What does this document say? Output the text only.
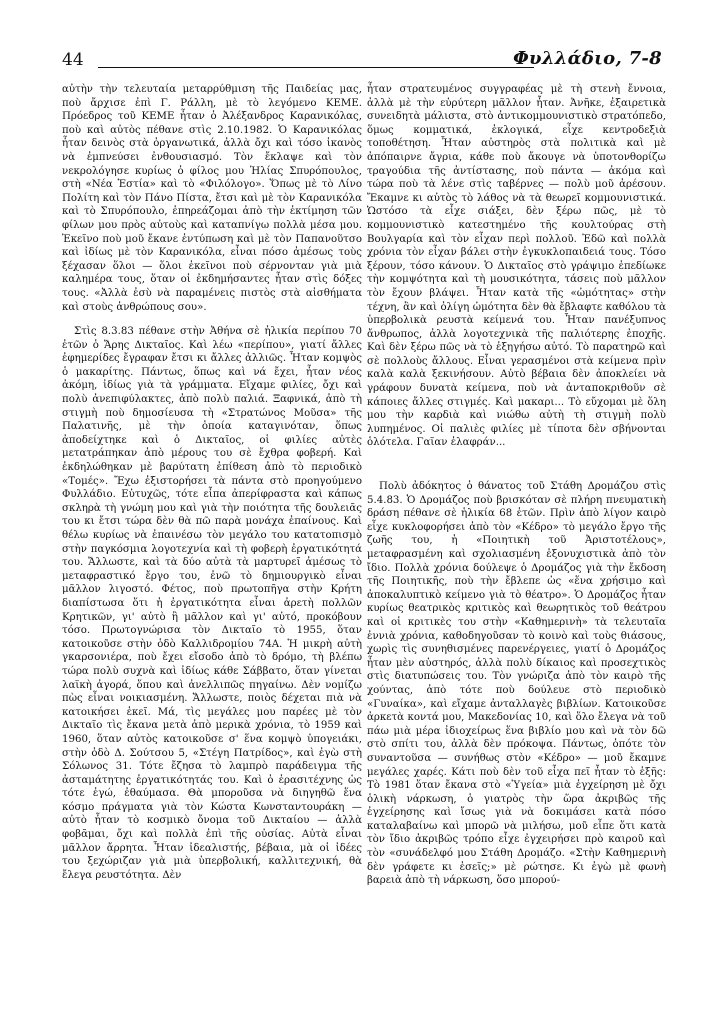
44	Φυλλάδιο, 7-8

αὐτὴν τὴν τελευταία μεταρρύθμιση τῆς Παιδείας μας, ποὺ ἄρχισε ἐπὶ Γ. Ράλλη, μὲ τὸ λεγόμενο ΚΕΜΕ. Πρόεδρος τοῦ ΚΕΜΕ ἦταν ὁ Ἀλέξανδρος Καρανικόλας, ποὺ καὶ αὐτὸς πέθανε στὶς 2.10.1982. Ὁ Καρανικόλας ἦταν δεινὸς στὰ ὀργανωτικά, ἀλλὰ ὄχι καὶ τόσο ἱκανὸς νὰ ἐμπνεύσει ἐνθουσιασμό. Τὸν ἔκλαψε καὶ τὸν νεκρολόγησε κυρίως ὁ φίλος μου Ἠλίας Σπυρόπουλος, στὴ «Νέα Ἑστία» καὶ τὸ «Φιλόλογο». Ὅπως μὲ τὸ Λίνο Πολίτη καὶ τὸν Πάνο Πίστα, ἔτσι καὶ μὲ τὸν Καρανικόλα καὶ τὸ Σπυρόπουλο, ἐπηρεάζομαι ἀπὸ τὴν ἐκτίμηση τῶν φίλων μου πρὸς αὐτοὺς καὶ καταπνίγω πολλὰ μέσα μου. Ἐκεῖνο ποὺ μοῦ ἔκανε ἐντύπωση καὶ μὲ τὸν Παπανοῦτσο καὶ ἰδίως μὲ τὸν Καρανικόλα, εἶναι πόσο ἀμέσως τοὺς ξέχασαν ὅλοι — ὅλοι ἐκεῖνοι ποὺ σέρνονταν γιὰ μιὰ καλημέρα τους, ὅταν οἱ ἐκδημήσαντες ἦταν στὶς δόξες τους. «Ἀλλὰ ἐσὺ νὰ παραμένεις πιστὸς στὰ αἰσθήματα καὶ στοὺς ἀνθρώπους σου».

Στὶς 8.3.83 πέθανε στὴν Ἀθήνα σὲ ἡλικία περίπου 70 ἐτῶν ὁ Ἄρης Δικταῖος. Καὶ λέω «περίπου», γιατί ἄλλες ἐφημερίδες ἔγραφαν ἔτσι κι ἄλλες ἀλλιῶς. Ἦταν κομψὸς ὁ μακαρίτης. Πάντως, ὅπως καὶ νά ἔχει, ἦταν νέος ἀκόμη, ἰδίως γιὰ τὰ γράμματα. Εἴχαμε φιλίες, ὄχι καὶ πολὺ ἀνεπιφύλακτες, ἀπὸ πολὺ παλιά. Ξαφνικά, ἀπὸ τὴ στιγμὴ ποὺ δημοσίευσα τὴ «Στρατώνος Μοῦσα» τῆς Παλατινῆς, μὲ τὴν ὁποία καταγινόταν, ὅπως ἀποδείχτηκε καὶ ὁ Δικταῖος, οἱ φιλίες αὐτὲς μετατράπηκαν ἀπὸ μέρους του σὲ ἔχθρα φοβερή. Καὶ ἐκδηλώθηκαν μὲ βαρύτατη ἐπίθεση ἀπὸ τὸ περιοδικὸ «Τομές». Ἔχω ἐξιστορήσει τὰ πάντα στὸ προηγούμενο Φυλλάδιο. Εὐτυχῶς, τότε εἶπα ἀπερίφραστα καὶ κάπως σκληρὰ τὴ γνώμη μου καὶ γιὰ τὴν ποιότητα τῆς δουλειᾶς του κι ἔτσι τώρα δὲν θὰ πῶ παρὰ μονάχα ἐπαίνους. Καὶ θέλω κυρίως νὰ ἐπαινέσω τὸν μεγάλο του κατατοπισμὸ στὴν παγκόσμια λογοτεχνία καὶ τὴ φοβερὴ ἐργατικότητά του. Ἄλλωστε, καὶ τὰ δύο αὐτὰ τὰ μαρτυρεῖ ἀμέσως τὸ μεταφραστικό ἔργο του, ἐνῶ τὸ δημιουργικὸ εἶναι μᾶλλον λιγοστό. Φέτος, ποὺ πρωτοπῆγα στὴν Κρήτη διαπίστωσα ὅτι ἡ ἐργατικότητα εἶναι ἀρετὴ πολλῶν Κρητικῶν, γι' αὐτὸ ἢ μᾶλλον καὶ γι' αὐτό, προκόβουν τόσο. Πρωτογνώρισα τὸν Δικταῖο τὸ 1955, ὅταν κατοικοῦσε στὴν ὁδὸ Καλλιδρομίου 74Α. Ἡ μικρὴ αὐτὴ γκαρσονιέρα, ποὺ ἔχει εἴσοδο ἀπὸ τὸ δρόμο, τὴ βλέπω τώρα πολὺ συχνὰ καὶ ἰδίως κάθε Σάββατο, ὅταν γίνεται λαϊκὴ ἀγορά, ὅπου καὶ ἀνελλιπῶς πηγαίνω. Δὲν νομίζω πὼς εἶναι νοικιασμένη. Ἄλλωστε, ποιὸς δέχεται πιὰ νὰ κατοικήσει ἐκεῖ. Μά, τὶς μεγάλες μου παρέες μὲ τὸν Δικταῖο τὶς ἔκανα μετὰ ἀπὸ μερικὰ χρόνια, τὸ 1959 καὶ 1960, ὅταν αὐτὸς κατοικοῦσε σ' ἕνα κομψὸ ὑπογειάκι, στὴν ὁδὸ Δ. Σούτσου 5, «Στέγη Πατρίδος», καὶ ἐγὼ στὴ Σόλωνος 31. Τότε ἔζησα τὸ λαμπρὸ παράδειγμα τῆς ἀσταμάτητης ἐργατικότητάς του. Καὶ ὁ ἐρασιτέχνης ὡς τότε ἐγώ, ἐθαύμασα. Θὰ μποροῦσα νὰ διηγηθῶ ἕνα κόσμο πράγματα γιὰ τὸν Κώστα Κωνσταντουράκη — αὐτὸ ἦταν τὸ κοσμικὸ ὄνομα τοῦ Δικταίου — ἀλλὰ φοβᾶμαι, ὄχι καὶ πολλὰ ἐπὶ τῆς οὐσίας. Αὐτὰ εἶναι μᾶλλον ἄρρητα. Ἦταν ἰδεαλιστής, βέβαια, μὰ οἱ ἰδέες του ξεχώριζαν γιὰ μιὰ ὑπερβολική, καλλιτεχνική, θὰ ἔλεγα ρευστότητα. Δὲν

ἦταν στρατευμένος συγγραφέας μὲ τὴ στενὴ ἔννοια, ἀλλὰ μὲ τὴν εὐρύτερη μᾶλλον ἦταν. Ἀνῆκε, ἐξαιρετικὰ συνειδητὰ μάλιστα, στὸ ἀντικομμουνιστικὸ στρατόπεδο, ὅμως κομματικά, ἐκλογικά, εἶχε κεντροδεξιὰ τοποθέτηση. Ἦταν αὐστηρὸς στὰ πολιτικὰ καὶ μὲ ἀπόπαιρνε ἄγρια, κάθε ποὺ ἄκουγε νὰ ὑποτονθορίζω τραγούδια τῆς ἀντίστασης, ποὺ πάντα — ἀκόμα καὶ τώρα ποὺ τὰ λένε στὶς ταβέρνες — πολὺ μοῦ ἀρέσουν. Ἔκαμνε κι αὐτὸς τὸ λάθος νὰ τὰ θεωρεῖ κομμουνιστικά. Ὡστόσο τὰ εἶχε σιάξει, δὲν ξέρω πῶς, μὲ τὸ κομμουνιστικὸ κατεστημένο τῆς κουλτούρας στὴ Βουλγαρία καὶ τὸν εἶχαν περὶ πολλοῦ. Ἐδῶ καὶ πολλὰ χρόνια τὸν εἶχαν βάλει στὴν ἐγκυκλοπαιδειά τους. Τόσο ξέρουν, τόσο κάνουν. Ὁ Δικταῖος στὸ γράψιμο ἐπεδίωκε τὴν κομψότητα καὶ τὴ μουσικότητα, τάσεις ποὺ μᾶλλον τὸν ἔχουν βλάψει. Ἦταν κατὰ τῆς «ὠμότητας» στὴν τέχνη, ἂν καὶ ὀλίγη ὠμότητα δὲν θὰ ἔβλαφτε καθόλου τὰ ὑπερβολικὰ ρευστὰ κείμενά του. Ἦταν πανέξυπνος ἄνθρωπος, ἀλλὰ λογοτεχνικὰ τῆς παλιότερης ἐποχῆς. Καὶ δὲν ξέρω πῶς νὰ τὸ ἐξηγήσω αὐτό. Τὸ παρατηρῶ καὶ σὲ πολλοὺς ἄλλους. Εἶναι γερασμένοι στὰ κείμενα πρὶν καλὰ καλὰ ξεκινήσουν. Αὐτὸ βέβαια δὲν ἀποκλείει νὰ γράφουν δυνατὰ κείμενα, ποὺ νὰ ἀνταποκριθοῦν σὲ κάποιες ἄλλες στιγμές. Καὶ μακαρι... Τὸ εὔχομαι μὲ ὅλη μου τὴν καρδιὰ καὶ νιώθω αὐτὴ τὴ στιγμὴ πολὺ λυπημένος. Οἱ παλιὲς φιλίες μὲ τίποτα δὲν σβήνονται ὁλότελα. Γαῖαν ἐλαφράν...

Πολὺ ἀδόκητος ὁ θάνατος τοῦ Στάθη Δρομάζου στὶς 5.4.83. Ὁ Δρομάζος ποὺ βρισκόταν σὲ πλήρη πνευματικὴ δράση πέθανε σὲ ἡλικία 68 ἐτῶν. Πρὶν ἀπὸ λίγον καιρὸ εἶχε κυκλοφορήσει ἀπὸ τὸν «Κέδρο» τὸ μεγάλο ἔργο τῆς ζωῆς του, ἡ «Ποιητικὴ τοῦ Ἀριστοτέλους», μεταφρασμένη καὶ σχολιασμένη ἐξονυχιστικὰ ἀπὸ τὸν ἴδιο. Πολλὰ χρόνια δούλεψε ὁ Δρομάζος γιὰ τὴν ἔκδοση τῆς Ποιητικῆς, ποὺ τὴν ἔβλεπε ὡς «ἕνα χρήσιμο καὶ ἀποκαλυπτικὸ κείμενο γιὰ τὸ θέατρο». Ὁ Δρομάζος ἦταν κυρίως θεατρικὸς κριτικὸς καὶ θεωρητικὸς τοῦ θεάτρου καὶ οἱ κριτικὲς του στὴν «Καθημερινὴ» τὰ τελευταῖα ἐννιὰ χρόνια, καθοδηγοῦσαν τὸ κοινὸ καὶ τοὺς θιάσους, χωρὶς τὶς συνηθισμένες παρενέργειες, γιατί ὁ Δρομάζος ἦταν μὲν αὐστηρός, ἀλλὰ πολὺ δίκαιος καὶ προσεχτικὸς στὶς διατυπώσεις του. Τὸν γνώριζα ἀπὸ τὸν καιρὸ τῆς χούντας, ἀπὸ τότε ποὺ δούλευε στὸ περιοδικὸ «Γυναίκα», καὶ εἴχαμε ἀνταλλαγὲς βιβλίων. Κατοικοῦσε ἀρκετὰ κοντά μου, Μακεδονίας 10, καὶ ὅλο ἔλεγα νὰ τοῦ πάω μιὰ μέρα ἰδιοχείρως ἕνα βιβλίο μου καὶ νὰ τὸν δῶ στὸ σπίτι του, ἀλλὰ δὲν πρόκοψα. Πάντως, ὁπότε τὸν συναντοῦσα — συνήθως στὸν «Κέδρο» — μοῦ ἔκαμνε μεγάλες χαρές. Κάτι ποὺ δὲν τοῦ εἶχα πεῖ ἦταν τὸ ἑξῆς: Τὸ 1981 ὅταν ἔκανα στὸ «Ὑγεία» μιὰ ἐγχείρηση μὲ ὄχι ὁλικὴ νάρκωση, ὁ γιατρὸς τὴν ὥρα ἀκριβῶς τῆς ἐγχείρησης καὶ ἴσως γιὰ νὰ δοκιμάσει κατὰ πόσο καταλαβαίνω καὶ μπορῶ νὰ μιλήσω, μοῦ εἶπε ὅτι κατὰ τὸν ἴδιο ἀκριβῶς τρόπο εἶχε ἐγχειρήσει πρὸ καιροῦ καὶ τὸν «συνάδελφό μου Στάθη Δρομάζο. «Στὴν Καθημερινὴ δὲν γράφετε κι ἐσεῖς;» μὲ ρώτησε. Κι ἐγὼ μὲ φωνὴ βαρειὰ ἀπὸ τὴ νάρκωση, ὅσο μπορού-
